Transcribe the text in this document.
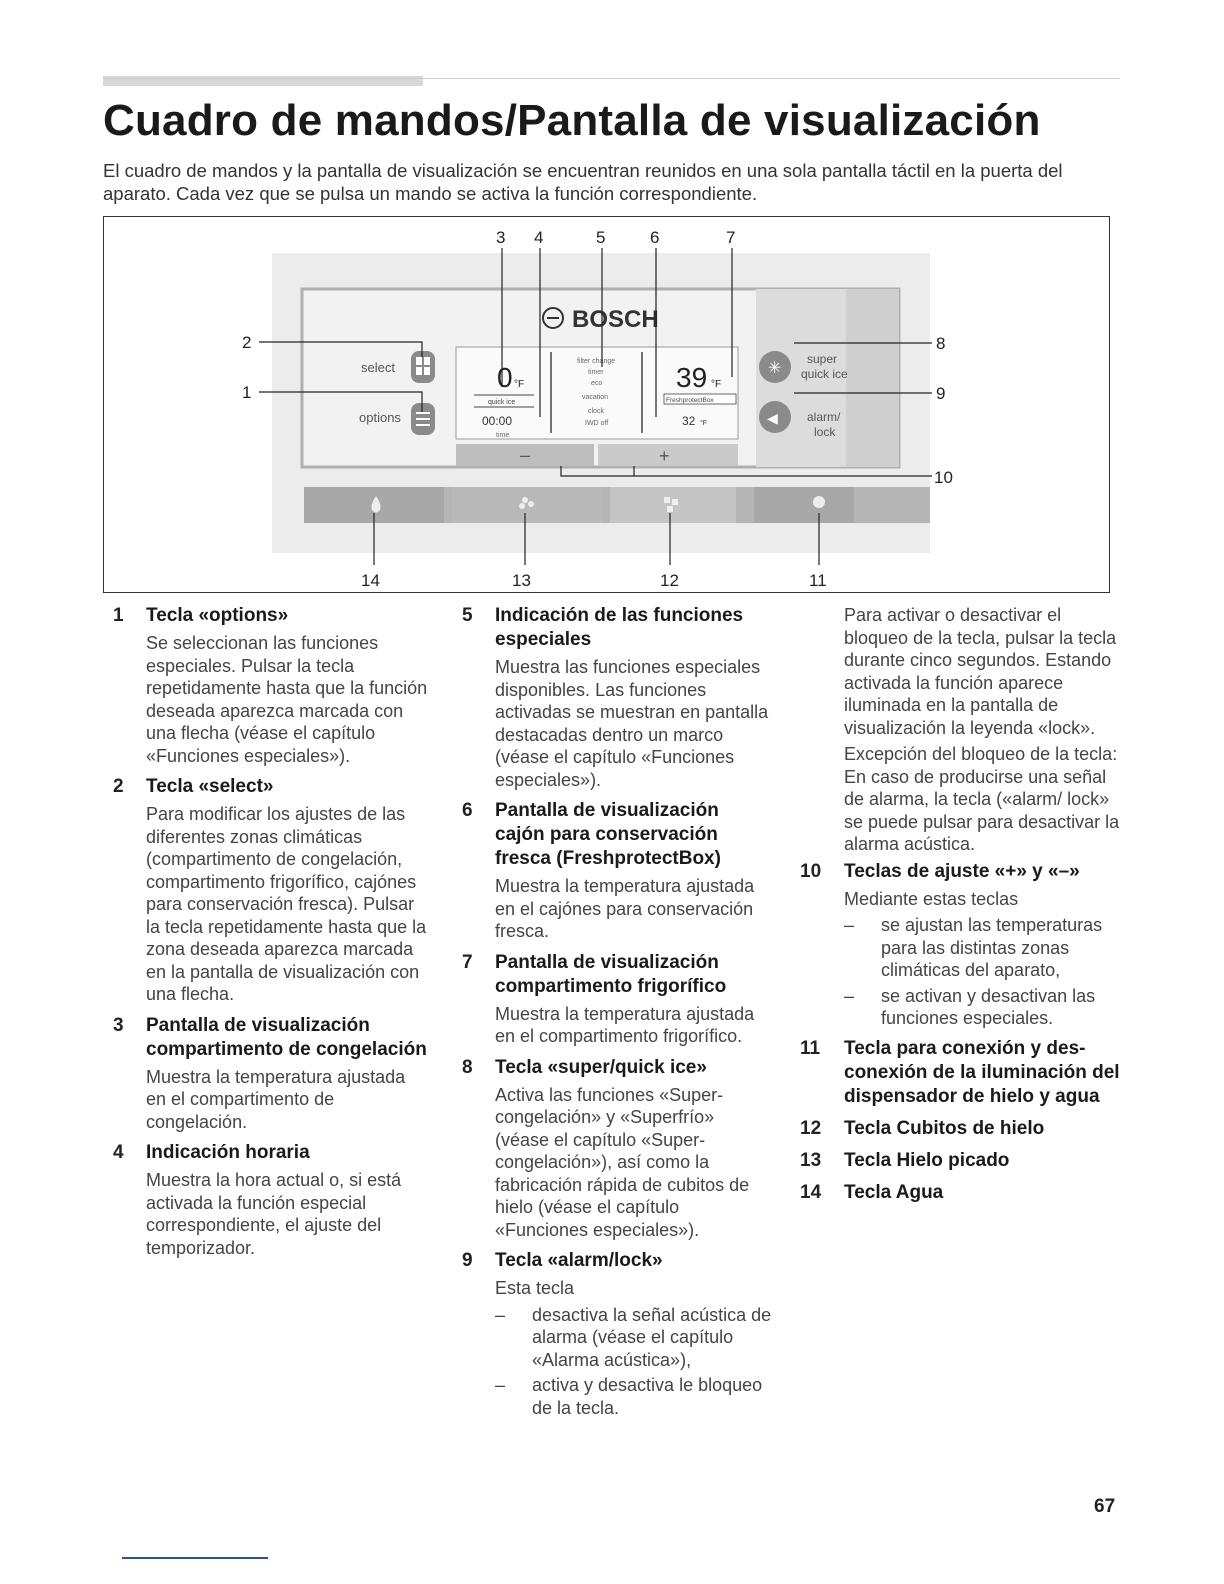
Cuadro de mandos/Pantalla de visualización

El cuadro de mandos y la pantalla de visualización se encuentran reunidos en una sola pantalla táctil en la puerta del aparato. Cada vez que se pulsa un mando se activa la función correspondiente.

BOSCH
select
options
0 °F
quick ice
00:00
time
filter change
timer
eco
vacation
clock
IWD off
39 °F
FreshprotectBox
32 °F
–	+
✳
super
quick ice
◀ alarm/
lock
3 4	5	6	7
2
1
8
9
10
14	13	12	11
1	Tecla «options»
Se seleccionan las funciones especiales. Pulsar la tecla repetidamente hasta que la función deseada aparezca marcada con una flecha (véase el capítulo «Funciones especiales»).
2	Tecla «select»
Para modificar los ajustes de las diferentes zonas climáticas (compartimento de congelación, compartimento frigorífico, cajónes para conservación fresca). Pulsar la tecla repetidamente hasta que la zona deseada aparezca marcada en la pantalla de visualización con una flecha.
3	Pantalla de visualización compartimento de congelación
Muestra la temperatura ajustada en el compartimento de congelación.
4	Indicación horaria
Muestra la hora actual o, si está activada la función especial correspondiente, el ajuste del temporizador.
5	Indicación de las funciones especiales
Muestra las funciones especiales disponibles. Las funciones activadas se muestran en pantalla destacadas dentro un marco (véase el capítulo «Funciones especiales»).
6	Pantalla de visualización cajón para conservación fresca (FreshprotectBox)
Muestra la temperatura ajustada en el cajónes para conservación fresca.
7	Pantalla de visualización compartimento frigorífico
Muestra la temperatura ajustada en el compartimento frigorífico.
8	Tecla «super/quick ice»
Activa las funciones «Super-congelación» y «Superfrío» (véase el capítulo «Super-congelación»), así como la fabricación rápida de cubitos de hielo (véase el capítulo «Funciones especiales»).
9	Tecla «alarm/lock»
Esta tecla
–	desactiva la señal acústica de alarma (véase el capítulo «Alarma acústica»),
–	activa y desactiva le bloqueo de la tecla.
Para activar o desactivar el bloqueo de la tecla, pulsar la tecla durante cinco segundos. Estando activada la función aparece iluminada en la pantalla de visualización la leyenda «lock».
Excepción del bloqueo de la tecla: En caso de producirse una señal de alarma, la tecla («alarm/ lock» se puede pulsar para desactivar la alarma acústica.
10	Teclas de ajuste «+» y «–»
Mediante estas teclas
–	se ajustan las temperaturas para las distintas zonas climáticas del aparato,
–	se activan y desactivan las funciones especiales.
11	Tecla para conexión y des-conexión de la iluminación del dispensador de hielo y agua
12	Tecla Cubitos de hielo
13	Tecla Hielo picado
14	Tecla Agua
67
